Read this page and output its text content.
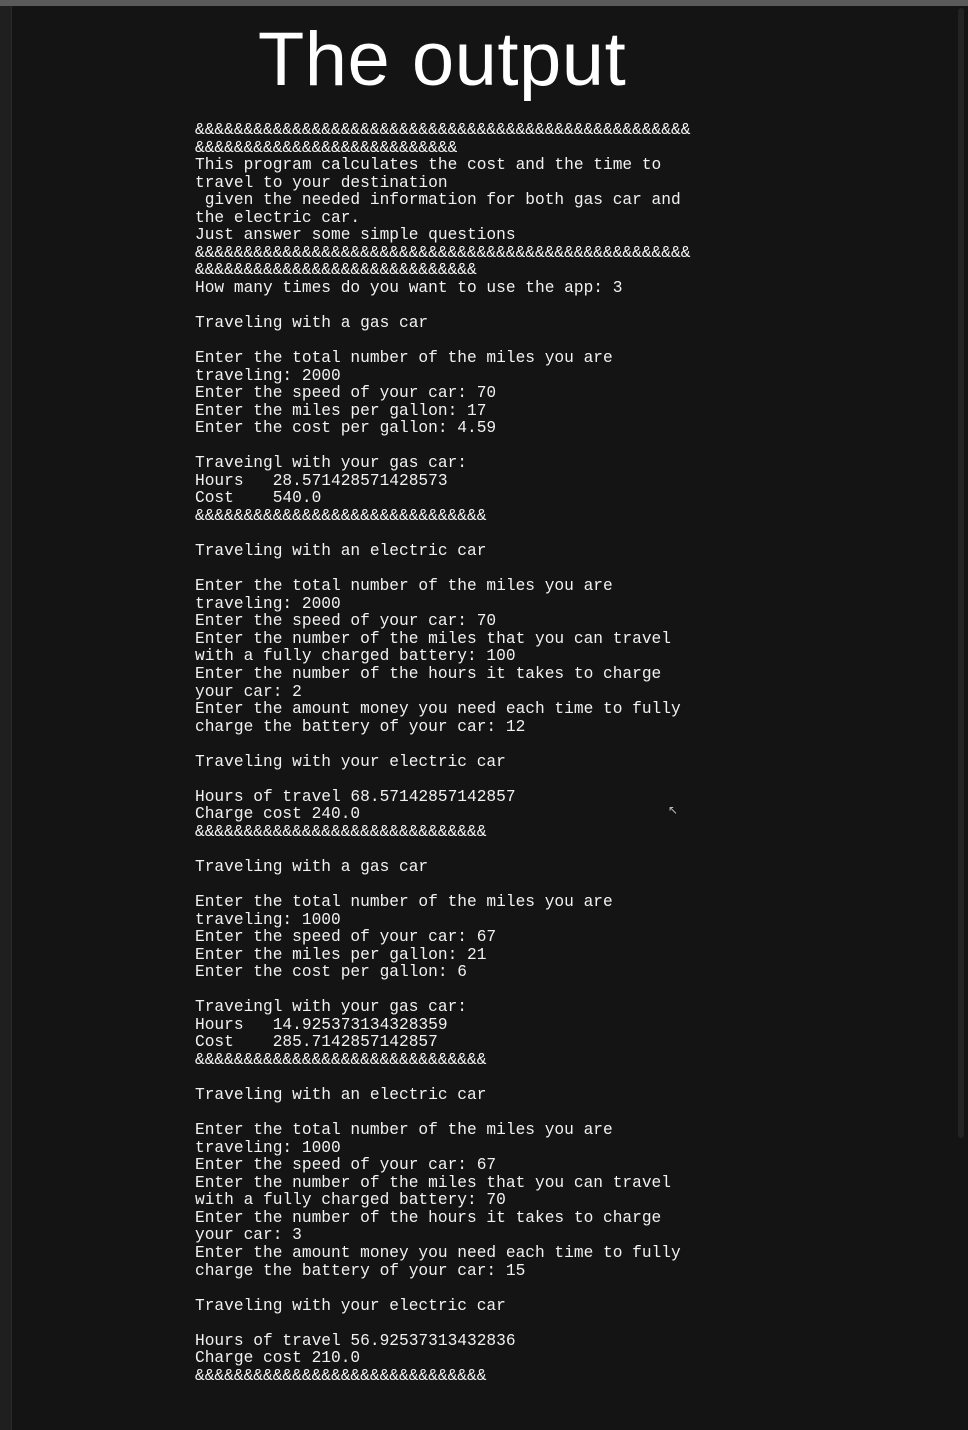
The output
&&&&&&&&&&&&&&&&&&&&&&&&&&&&&&&&&&&&&&&&&&&&&&&&&&&
&&&&&&&&&&&&&&&&&&&&&&&&&&&
This program calculates the cost and the time to
travel to your destination
given the needed information for both gas car and
the electric car.
Just answer some simple questions
&&&&&&&&&&&&&&&&&&&&&&&&&&&&&&&&&&&&&&&&&&&&&&&&&&&
&&&&&&&&&&&&&&&&&&&&&&&&&&&&&
How many times do you want to use the app: 3
Traveling with a gas car
Enter the total number of the miles you are
traveling: 2000
Enter the speed of your car: 70
Enter the miles per gallon: 17
Enter the cost per gallon: 4.59
Traveingl with your gas car:
Hours   28.571428571428573
Cost    540.0
&&&&&&&&&&&&&&&&&&&&&&&&&&&&&&
Traveling with an electric car
Enter the total number of the miles you are
traveling: 2000
Enter the speed of your car: 70
Enter the number of the miles that you can travel
with a fully charged battery: 100
Enter the number of the hours it takes to charge
your car: 2
Enter the amount money you need each time to fully
charge the battery of your car: 12
Traveling with your electric car
Hours of travel 68.57142857142857
Charge cost 240.0
&&&&&&&&&&&&&&&&&&&&&&&&&&&&&&
Traveling with a gas car
Enter the total number of the miles you are
traveling: 1000
Enter the speed of your car: 67
Enter the miles per gallon: 21
Enter the cost per gallon: 6
Traveingl with your gas car:
Hours   14.925373134328359
Cost    285.7142857142857
&&&&&&&&&&&&&&&&&&&&&&&&&&&&&&
Traveling with an electric car
Enter the total number of the miles you are
traveling: 1000
Enter the speed of your car: 67
Enter the number of the miles that you can travel
with a fully charged battery: 70
Enter the number of the hours it takes to charge
your car: 3
Enter the amount money you need each time to fully
charge the battery of your car: 15
Traveling with your electric car
Hours of travel 56.92537313432836
Charge cost 210.0
&&&&&&&&&&&&&&&&&&&&&&&&&&&&&&
↖
